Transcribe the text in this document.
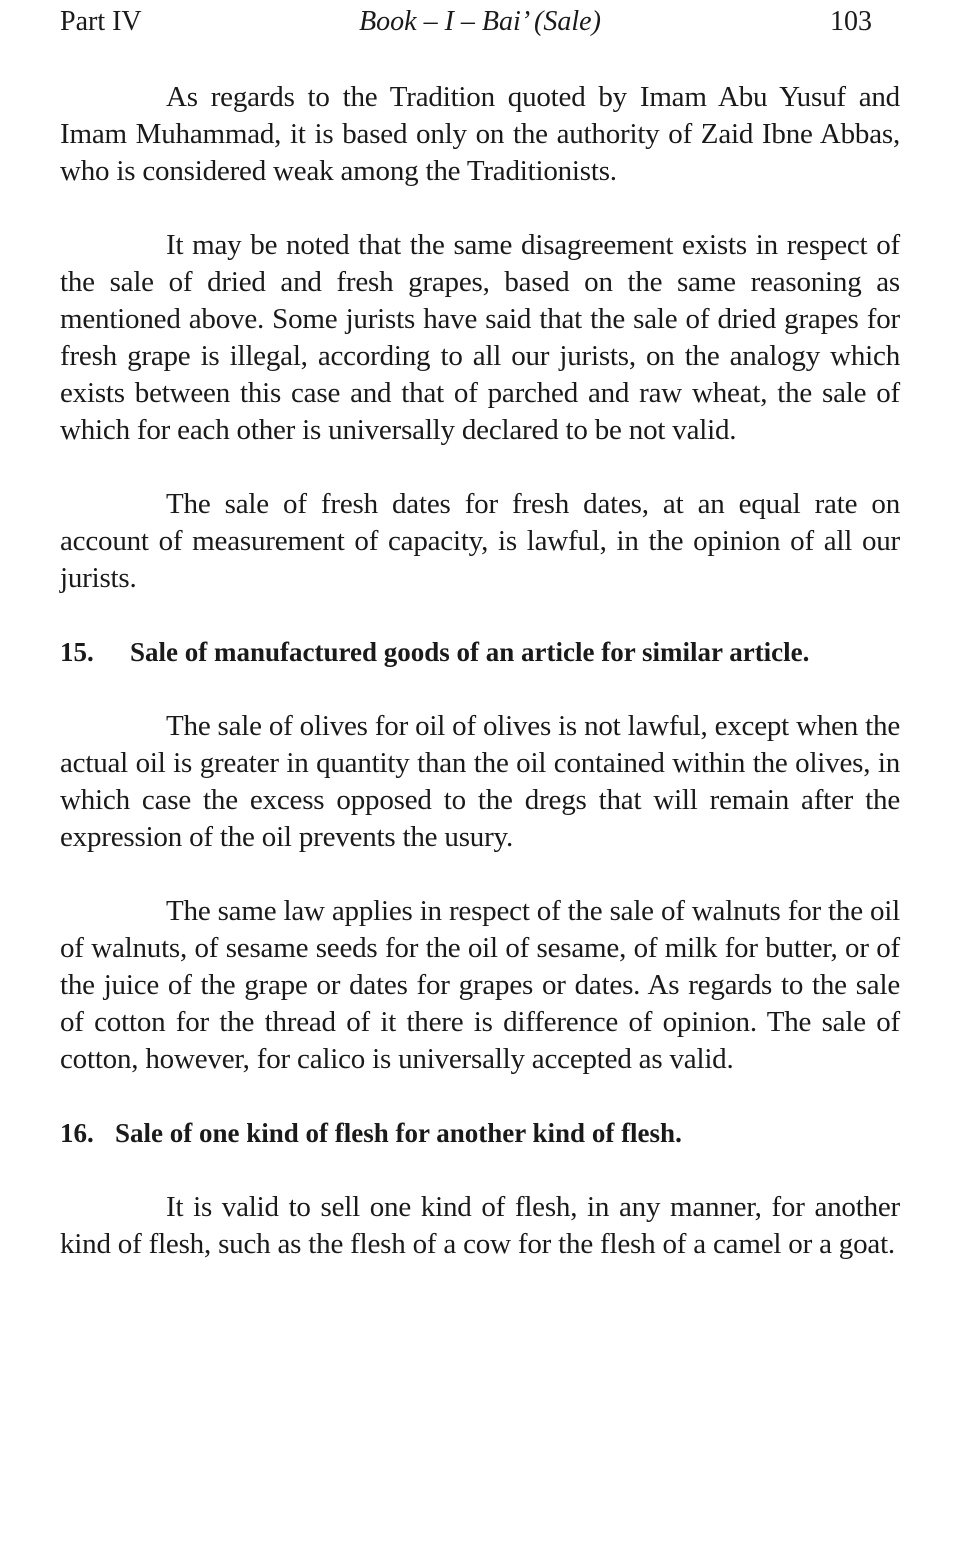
Part IV	Book – I – Bai’ (Sale)	103

As regards to the Tradition quoted by Imam Abu Yusuf and Imam Muhammad, it is based only on the authority of Zaid Ibne Abbas, who is considered weak among the Traditionists.

It may be noted that the same disagreement exists in respect of the sale of dried and fresh grapes, based on the same reasoning as mentioned above. Some jurists have said that the sale of dried grapes for fresh grape is illegal, according to all our jurists, on the analogy which exists between this case and that of parched and raw wheat, the sale of which for each other is universally declared to be not valid.

The sale of fresh dates for fresh dates, at an equal rate on account of measurement of capacity, is lawful, in the opinion of all our jurists.

15. Sale of manufactured goods of an article for similar article.

The sale of olives for oil of olives is not lawful, except when the actual oil is greater in quantity than the oil contained within the olives, in which case the excess opposed to the dregs that will remain after the expression of the oil prevents the usury.

The same law applies in respect of the sale of walnuts for the oil of walnuts, of sesame seeds for the oil of sesame, of milk for butter, or of the juice of the grape or dates for grapes or dates. As regards to the sale of cotton for the thread of it there is difference of opinion. The sale of cotton, however, for calico is universally accepted as valid.

16. Sale of one kind of flesh for another kind of flesh.

It is valid to sell one kind of flesh, in any manner, for another kind of flesh, such as the flesh of a cow for the flesh of a camel or a goat.
